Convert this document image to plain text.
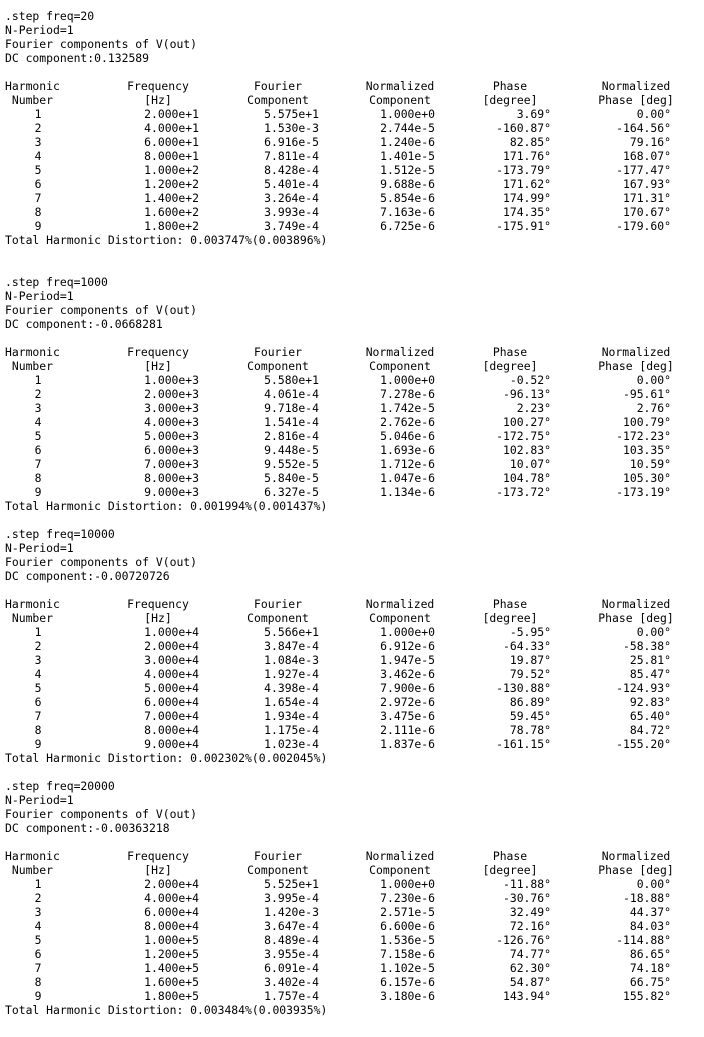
.step freq=20
N-Period=1
Fourier components of V(out)
DC component:0.132589
Harmonic	Frequency	Fourier	Normalized	Phase	Normalized
Number	[Hz]	Component	Component	[degree]	Phase [deg]
1	2.000e+1	5.575e+1	1.000e+0	3.69°	0.00°
2	4.000e+1	1.530e-3	2.744e-5	-160.87°	-164.56°
3	6.000e+1	6.916e-5	1.240e-6	82.85°	79.16°
4	8.000e+1	7.811e-4	1.401e-5	171.76°	168.07°
5	1.000e+2	8.428e-4	1.512e-5	-173.79°	-177.47°
6	1.200e+2	5.401e-4	9.688e-6	171.62°	167.93°
7	1.400e+2	3.264e-4	5.854e-6	174.99°	171.31°
8	1.600e+2	3.993e-4	7.163e-6	174.35°	170.67°
9	1.800e+2	3.749e-4	6.725e-6	-175.91°	-179.60°
Total Harmonic Distortion: 0.003747%(0.003896%)
.step freq=1000
N-Period=1
Fourier components of V(out)
DC component:-0.0668281
Harmonic	Frequency	Fourier	Normalized	Phase	Normalized
Number	[Hz]	Component	Component	[degree]	Phase [deg]
1	1.000e+3	5.580e+1	1.000e+0	-0.52°	0.00°
2	2.000e+3	4.061e-4	7.278e-6	-96.13°	-95.61°
3	3.000e+3	9.718e-4	1.742e-5	2.23°	2.76°
4	4.000e+3	1.541e-4	2.762e-6	100.27°	100.79°
5	5.000e+3	2.816e-4	5.046e-6	-172.75°	-172.23°
6	6.000e+3	9.448e-5	1.693e-6	102.83°	103.35°
7	7.000e+3	9.552e-5	1.712e-6	10.07°	10.59°
8	8.000e+3	5.840e-5	1.047e-6	104.78°	105.30°
9	9.000e+3	6.327e-5	1.134e-6	-173.72°	-173.19°
Total Harmonic Distortion: 0.001994%(0.001437%)
.step freq=10000
N-Period=1
Fourier components of V(out)
DC component:-0.00720726
Harmonic	Frequency	Fourier	Normalized	Phase	Normalized
Number	[Hz]	Component	Component	[degree]	Phase [deg]
1	1.000e+4	5.566e+1	1.000e+0	-5.95°	0.00°
2	2.000e+4	3.847e-4	6.912e-6	-64.33°	-58.38°
3	3.000e+4	1.084e-3	1.947e-5	19.87°	25.81°
4	4.000e+4	1.927e-4	3.462e-6	79.52°	85.47°
5	5.000e+4	4.398e-4	7.900e-6	-130.88°	-124.93°
6	6.000e+4	1.654e-4	2.972e-6	86.89°	92.83°
7	7.000e+4	1.934e-4	3.475e-6	59.45°	65.40°
8	8.000e+4	1.175e-4	2.111e-6	78.78°	84.72°
9	9.000e+4	1.023e-4	1.837e-6	-161.15°	-155.20°
Total Harmonic Distortion: 0.002302%(0.002045%)
.step freq=20000
N-Period=1
Fourier components of V(out)
DC component:-0.00363218
Harmonic	Frequency	Fourier	Normalized	Phase	Normalized
Number	[Hz]	Component	Component	[degree]	Phase [deg]
1	2.000e+4	5.525e+1	1.000e+0	-11.88°	0.00°
2	4.000e+4	3.995e-4	7.230e-6	-30.76°	-18.88°
3	6.000e+4	1.420e-3	2.571e-5	32.49°	44.37°
4	8.000e+4	3.647e-4	6.600e-6	72.16°	84.03°
5	1.000e+5	8.489e-4	1.536e-5	-126.76°	-114.88°
6	1.200e+5	3.955e-4	7.158e-6	74.77°	86.65°
7	1.400e+5	6.091e-4	1.102e-5	62.30°	74.18°
8	1.600e+5	3.402e-4	6.157e-6	54.87°	66.75°
9	1.800e+5	1.757e-4	3.180e-6	143.94°	155.82°
Total Harmonic Distortion: 0.003484%(0.003935%)
